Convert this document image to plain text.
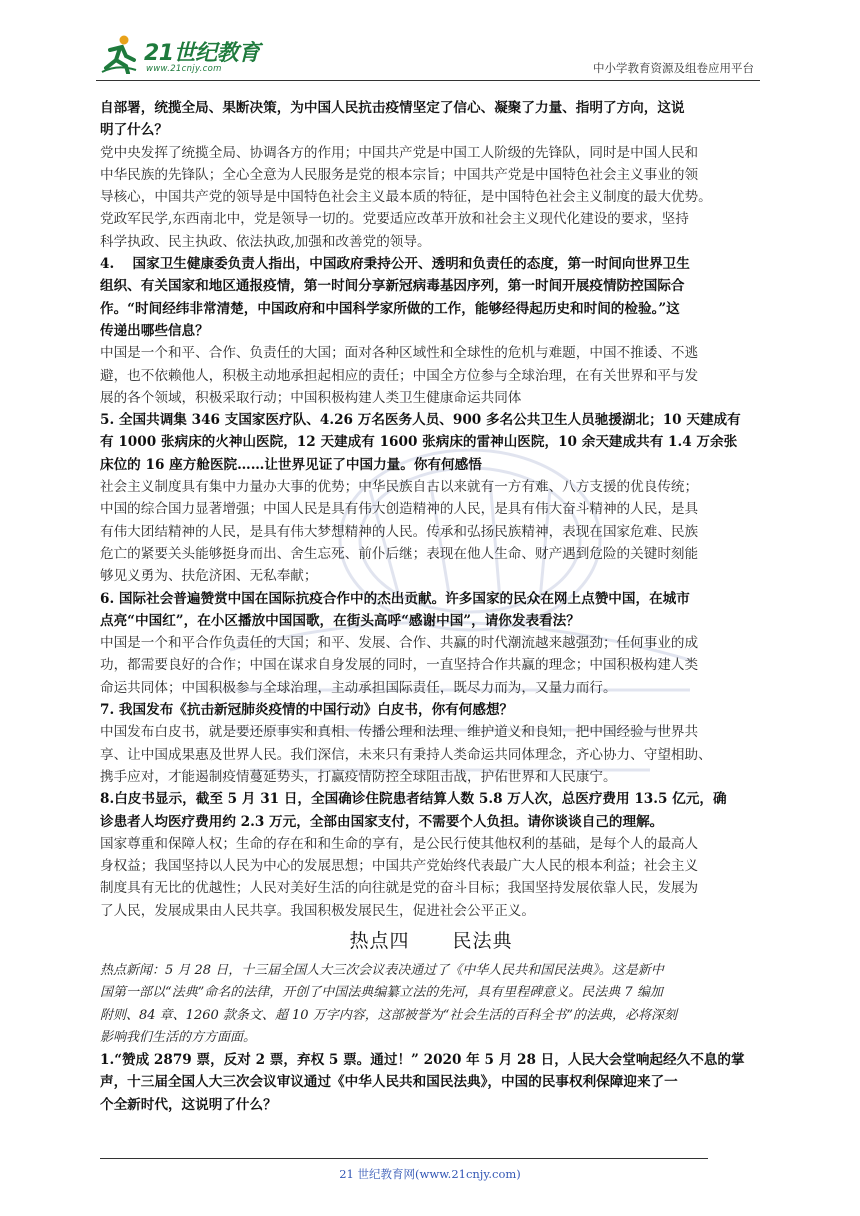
21世纪教育
www.21cnjy.com	中小学教育资源及组卷应用平台
自部署，统揽全局、果断决策，为中国人民抗击疫情坚定了信心、凝聚了力量、指明了方向，这说
明了什么？
党中央发挥了统揽全局、协调各方的作用；中国共产党是中国工人阶级的先锋队，同时是中国人民和
中华民族的先锋队；全心全意为人民服务是党的根本宗旨；中国共产党是中国特色社会主义事业的领
导核心，中国共产党的领导是中国特色社会主义最本质的特征，是中国特色社会主义制度的最大优势。
党政军民学,东西南北中，党是领导一切的。党要适应改革开放和社会主义现代化建设的要求，坚持
科学执政、民主执政、依法执政,加强和改善党的领导。
4.　 国家卫生健康委负责人指出，中国政府秉持公开、透明和负责任的态度，第一时间向世界卫生
组织、有关国家和地区通报疫情，第一时间分享新冠病毒基因序列，第一时间开展疫情防控国际合
作。“时间经纬非常清楚，中国政府和中国科学家所做的工作，能够经得起历史和时间的检验。”这
传递出哪些信息？
中国是一个和平、合作、负责任的大国；面对各种区域性和全球性的危机与难题，中国不推诿、不逃
避，也不依赖他人，积极主动地承担起相应的责任；中国全方位参与全球治理，在有关世界和平与发
展的各个领域，积极采取行动；中国积极构建人类卫生健康命运共同体
5. 全国共调集 346 支国家医疗队、4.26 万名医务人员、900 多名公共卫生人员驰援湖北；10 天建成有
有 1000 张病床的火神山医院，12 天建成有 1600 张病床的雷神山医院，10 余天建成共有 1.4 万余张
床位的 16 座方舱医院……让世界见证了中国力量。你有何感悟
社会主义制度具有集中力量办大事的优势；中华民族自古以来就有一方有难、八方支援的优良传统；
中国的综合国力显著增强；中国人民是具有伟大创造精神的人民，是具有伟大奋斗精神的人民，是具
有伟大团结精神的人民，是具有伟大梦想精神的人民。传承和弘扬民族精神，表现在国家危难、民族
危亡的紧要关头能够挺身而出、舍生忘死、前仆后继；表现在他人生命、财产遇到危险的关键时刻能
够见义勇为、扶危济困、无私奉献；
6. 国际社会普遍赞赏中国在国际抗疫合作中的杰出贡献。许多国家的民众在网上点赞中国，在城市
点亮“中国红”，在小区播放中国国歌，在街头高呼“感谢中国”，请你发表看法？
中国是一个和平合作负责任的大国；和平、发展、合作、共赢的时代潮流越来越强劲；任何事业的成
功，都需要良好的合作；中国在谋求自身发展的同时，一直坚持合作共赢的理念；中国积极构建人类
命运共同体；中国积极参与全球治理，主动承担国际责任，既尽力而为，又量力而行。
7. 我国发布《抗击新冠肺炎疫情的中国行动》白皮书，你有何感想？
中国发布白皮书，就是要还原事实和真相、传播公理和法理、维护道义和良知，把中国经验与世界共
享、让中国成果惠及世界人民。我们深信，未来只有秉持人类命运共同体理念，齐心协力、守望相助、
携手应对，才能遏制疫情蔓延势头，打赢疫情防控全球阻击战，护佑世界和人民康宁。
8.白皮书显示，截至 5 月 31 日，全国确诊住院患者结算人数 5.8 万人次，总医疗费用 13.5 亿元，确
诊患者人均医疗费用约 2.3 万元，全部由国家支付，不需要个人负担。请你谈谈自己的理解。
国家尊重和保障人权；生命的存在和和生命的享有，是公民行使其他权利的基础，是每个人的最高人
身权益；我国坚持以人民为中心的发展思想；中国共产党始终代表最广大人民的根本利益；社会主义
制度具有无比的优越性；人民对美好生活的向往就是党的奋斗目标；我国坚持发展依靠人民，发展为
了人民，发展成果由人民共享。我国积极发展民生，促进社会公平正义。
热点四 民法典
热点新闻：5 月 28 日，十三届全国人大三次会议表决通过了《中华人民共和国民法典》。这是新中
国第一部以“法典”命名的法律，开创了中国法典编纂立法的先河，具有里程碑意义。民法典 7 编加
附则、84 章、1260 款条文、超 10 万字内容，这部被誉为“社会生活的百科全书”的法典，必将深刻
影响我们生活的方方面面。
1.“赞成 2879 票，反对 2 票，弃权 5 票。通过！” 2020 年 5 月 28 日，人民大会堂响起经久不息的掌
声，十三届全国人大三次会议审议通过《中华人民共和国民法典》，中国的民事权利保障迎来了一
个全新时代，这说明了什么？
21 世纪教育网(www.21cnjy.com)
